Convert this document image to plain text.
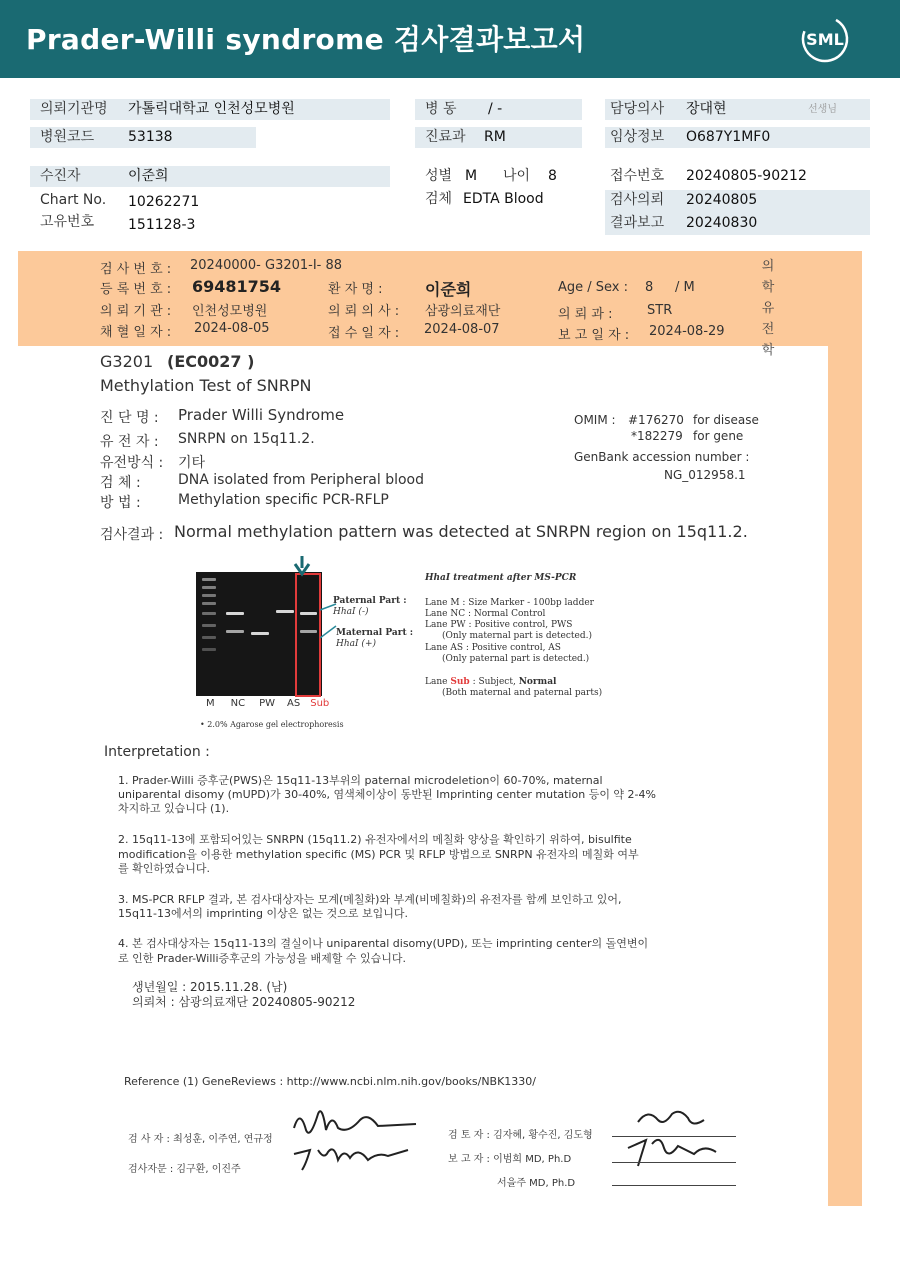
Prader-Willi syndrome 검사결과보고서	SML
의뢰기관명 가톨릭대학교 인천성모병원
병원코드 53138
병 동 / -
진료과 RM
담당의사 장대현	선생님
임상정보 O687Y1MF0
수진자	이준희
Chart No. 10262271
고유번호 151128-3
성별 M 나이 8
검체 EDTA Blood
접수번호 20240805-90212
검사의뢰 20240805
결과보고 20240830
검 사 번 호 : 20240000- G3201-I- 88
등 록 번 호 : 69481754	환 자 명 :	이준희	Age / Sex : 8 / M
의 뢰 기 관 : 인천성모병원	의 뢰 의 사 : 삼광의료재단	의 뢰 과 :	STR
채 혈 일 자 : 2024-08-05	접 수 일 자 : 2024-08-07	보 고 일 자 : 2024-08-29
의
학
유
전
학
G3201 (EC0027 )
Methylation Test of SNRPN
진 단 명 : Prader Willi Syndrome
유 전 자 : SNRPN on 15q11.2.
유전방식 : 기타
검 체 :	DNA isolated from Peripheral blood
방 법 :	Methylation specific PCR-RFLP
OMIM : #176270 for disease
*182279 for gene
GenBank accession number :
NG_012958.1
검사결과 : Normal methylation pattern was detected at SNRPN region on 15q11.2.
M NC PW AS Sub
Paternal Part :
HhaI (-)
Maternal Part :
HhaI (+)
• 2.0% Agarose gel electrophoresis
HhaI treatment after MS-PCR
Lane M : Size Marker - 100bp ladder
Lane NC : Normal Control
Lane PW : Positive control, PWS
(Only maternal part is detected.)
Lane AS : Positive control, AS
(Only paternal part is detected.)
Lane Sub : Subject, Normal
(Both maternal and paternal parts)
Interpretation :
1. Prader-Willi 증후군(PWS)은 15q11-13부위의 paternal microdeletion이 60-70%, maternal
uniparental disomy (mUPD)가 30-40%, 염색체이상이 동반된 Imprinting center mutation 등이 약 2-4%
차지하고 있습니다 (1).
2. 15q11-13에 포함되어있는 SNRPN (15q11.2) 유전자에서의 메칠화 양상을 확인하기 위하여, bisulfite
modification을 이용한 methylation specific (MS) PCR 및 RFLP 방법으로 SNRPN 유전자의 메칠화 여부
를 확인하였습니다.
3. MS-PCR RFLP 결과, 본 검사대상자는 모계(메칠화)와 부계(비메칠화)의 유전자를 함께 보인하고 있어,
15q11-13에서의 imprinting 이상은 없는 것으로 보입니다.
4. 본 검사대상자는 15q11-13의 결실이나 uniparental disomy(UPD), 또는 imprinting center의 돌연변이
로 인한 Prader-Willi증후군의 가능성을 배제할 수 있습니다.
생년월일 : 2015.11.28. (남)
의뢰처 : 삼광의료재단 20240805-90212
Reference (1) GeneReviews : http://www.ncbi.nlm.nih.gov/books/NBK1330/
검 사 자 : 최성훈, 이주연, 연규정
검사자문 : 김구환, 이진주
검 토 자 : 김자혜, 황수진, 김도형
보 고 자 : 이범희 MD, Ph.D
서을주 MD, Ph.D
